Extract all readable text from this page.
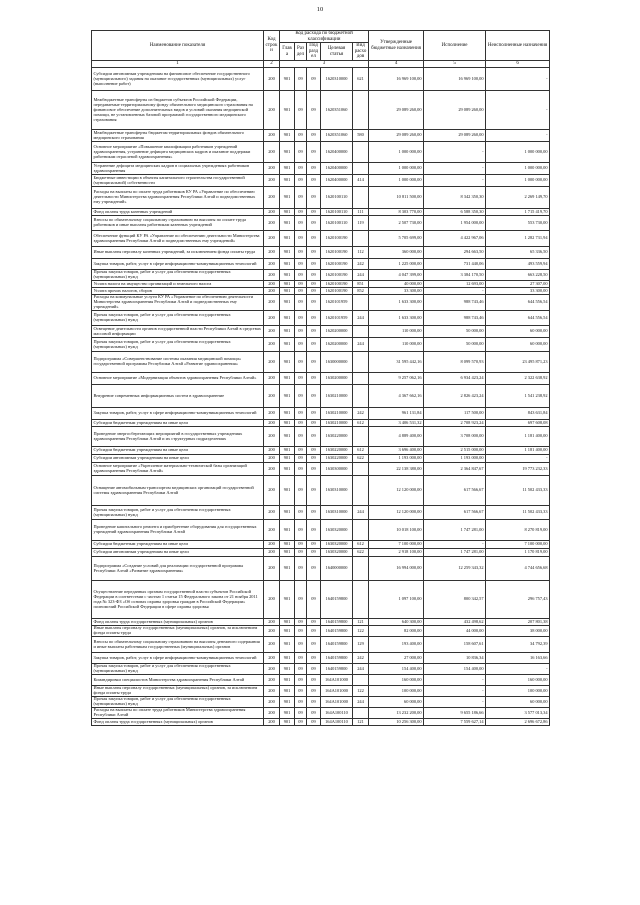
10
Наименование показателя	Код строки	Код расхода по бюджетной классификации					Утвержденные бюджетные назначения	Исполнение	Неисполненные назначения
		Глава	Раздел	Подраздел	Целевая статья	Вид расходов			
1	2	3					4	5	6
Субсидии автономным учреждениям на финансовое обеспечение государственного (муниципального) задания на оказание государственных (муниципальных) услуг (выполнение работ)	200	901	09	09	1620310000	621	16 969 100,00	16 969 100,00	-
Межбюджетные трансферты из бюджетов субъектов Российской Федерации, передаваемые территориальному фонду обязательного медицинского страхования на финансовое обеспечение дополнительных видов и условий оказания медицинской помощи, не установленных базовой программой государственного медицинского страхования	200	901	09	09	1620351060		29 089 260,00	29 089 260,00	-
Межбюджетные трансферты бюджетам территориальных фондов обязательного медицинского страхования	200	901	09	09	1620351060	580	29 089 260,00	29 089 260,00	-
Основное мероприятие «Повышение квалификации работников учреждений здравоохранения, устранение дефицита медицинских кадров и оказание поддержки работникам отраслевой здравоохранения»	200	901	09	09	1620400000		1 000 000,00	-	1 000 000,00
Устранение дефицита медицинских кадров в социальных учреждениях работников здравоохранения	200	901	09	09	1620400000		1 000 000,00	-	1 000 000,00
Бюджетные инвестиции в объекты капитального строительства государственной (муниципальной) собственности	200	901	09	09	1620400000	414	1 000 000,00	-	1 000 000,00
Расходы на выплаты по оплате труда работников КУ РА «Управление по обеспечению деятельности Министерства здравоохранения Республики Алтай и подведомственных ему учреждений»	200	901	09	09	1620100110		10 811 500,00	8 342 350,30	2 269 149,70
Фонд оплаты труда казенных учреждений	200	901	09	09	1620100110	111	8 303 770,00	6 588 350,30	1 715 419,70
Взносы по обязательному социальному страхованию на выплаты по оплате труда работников и иные выплаты работникам казенных учреждений	200	901	09	09	1620100110	119	2 507 730,00	1 954 000,00	553 730,00
Обеспечение функций КУ РА «Управление по обеспечению деятельности Министерства здравоохранения Республики Алтай и подведомственных ему учреждений»	200	901	09	09	1620100190		5 705 699,00	4 422 967,06	1 282 731,94
Иные выплаты персоналу казенных учреждений, за исключением фонда оплаты труда	200	901	09	09	1620100190	112	360 000,00	294 663,50	65 336,50
Закупка товаров, работ, услуг в сфере информационно-коммуникационных технологий	200	901	09	09	1620100190	242	1 225 000,00	731 440,06	493 559,94
Прочая закупка товаров, работ и услуг для обеспечения государственных (муниципальных) нужд	200	901	09	09	1620100190	244	4 047 399,00	3 384 170,50	663 228,50
Уплата налога на имущество организаций и земельного налога	200	901	09	09	1620100190	851	40 000,00	12 693,00	27 307,00
Уплата прочих налогов, сборов	200	901	09	09	1620100190	852	33 300,00	-	33 300,00
Расходы на коммунальные услуги КУ РА «Управление по обеспечению деятельности Министерства здравоохранения Республики Алтай и подведомственных ему учреждений»	200	901	09	09	1620101959		1 633 300,00	988 743,46	644 556,54
Прочая закупка товаров, работ и услуг для обеспечения государственных (муниципальных) нужд	200	901	09	09	1620101959	244	1 633 300,00	988 743,46	644 556,54
Освещение деятельности органов государственной власти Республики Алтай в средствах массовой информации	200	901	09	09	1620200000		110 000,00	50 000,00	60 000,00
Прочая закупка товаров, работ и услуг для обеспечения государственных (муниципальных) нужд	200	901	09	09	1620200000	244	110 000,00	50 000,00	60 000,00
Подпрограмма «Совершенствование системы оказания медицинской помощи» государственной программы Республики Алтай «Развитие здравоохранения»	200	901	09	09	1630000000		31 595 442,16	8 099 570,93	23 495 871,23
Основное мероприятие «Модернизация объектов здравоохранения Республики Алтай»	200	901	09	09	1630200000		9 257 062,16	6 934 423,24	2 322 638,92
Внедрение современных информационных систем в здравоохранение	200	901	09	09	1630210000		4 367 662,16	2 826 423,24	1 541 238,92
Закупка товаров, работ, услуг в сфере информационно-коммуникационных технологий	200	901	09	09	1630210000	242	961 131,84	117 500,00	843 631,84
Субсидии бюджетным учреждениям на иные цели	200	901	09	09	1630210000	612	3 406 531,32	2 708 923,24	697 608,08
Проведение энергосберегающих мероприятий в государственных учреждениях здравоохранения Республики Алтай и их структурных подразделениях	200	901	09	09	1630220000		4 889 400,00	3 708 000,00	1 181 400,00
Субсидии бюджетным учреждениям на иные цели	200	901	09	09	1630220000	612	3 696 400,00	2 515 000,00	1 181 400,00
Субсидии автономным учреждениям на иные цели	200	901	09	09	1630220000	622	1 193 000,00	1 193 000,00	-
Основное мероприятие «Укрепление материально-технической базы организаций здравоохранения Республики Алтай»	200	901	09	09	1630300000		22 138 380,00	2 364 847,67	19 773 232,33
Оснащение автомобильным транспортом медицинских организаций государственной системы здравоохранения Республики Алтай	200	901	09	09	1630310000		12 120 000,00	617 566,67	11 502 433,33
Прочая закупка товаров, работ и услуг для обеспечения государственных (муниципальных) нужд	200	901	09	09	1630310000	244	12 120 000,00	617 566,67	11 502 433,33
Проведение капитального ремонта и приобретение оборудования для государственных учреждений здравоохранения Республики Алтай	200	901	09	09	1630320000		10 018 100,00	1 747 281,00	8 270 819,00
Субсидии бюджетным учреждениям на иные цели	200	901	09	09	1630320000	612	7 100 000,00	-	7 100 000,00
Субсидии автономным учреждениям на иные цели	200	901	09	09	1630320000	622	2 918 100,00	1 747 281,00	1 170 819,00
Подпрограмма «Создание условий для реализации государственной программы Республики Алтай «Развитие здравоохранения»	200	901	09	09	1640000000		16 994 000,00	12 259 343,32	4 744 656,68
Осуществление переданных органам государственной власти субъектов Российской Федерации в соответствии с частью 1 статьи 15 Федерального закона от 21 ноября 2011 года № 323-ФЗ «Об основах охраны здоровья граждан в Российской Федерации» полномочий Российской Федерации в сфере охраны здоровья	200	901	09	09	1640159800		1 097 100,00	800 342,57	296 757,43
Фонд оплаты труда государственных (муниципальных) органов	200	901	09	09	1640159800	121	640 300,00	432 498,62	207 801,38
Иные выплаты персоналу государственных (муниципальных) органов, за исключением фонда оплаты труда	200	901	09	09	1640159800	122	82 000,00	44 000,00	38 000,00
Взносы по обязательному социальному страхованию на выплаты денежного содержания и иные выплаты работникам государственных (муниципальных) органов	200	901	09	09	1640159800	129	193 400,00	158 607,61	34 792,39
Закупка товаров, работ, услуг в сфере информационно-коммуникационных технологий	200	901	09	09	1640159800	242	27 000,00	10 836,34	16 163,66
Прочая закупка товаров, работ и услуг для обеспечения государственных (муниципальных) нужд	200	901	09	09	1640159800	244	154 400,00	154 400,00	-
Командировки специалистов Министерства здравоохранения Республики Алтай	200	901	09	09	164А101000		160 000,00	-	160 000,00
Иные выплаты персоналу государственных (муниципальных) органов, за исключением фонда оплаты труда	200	901	09	09	164А101000	122	100 000,00	-	100 000,00
Прочая закупка товаров, работ и услуг для обеспечения государственных (муниципальных) нужд	200	901	09	09	164А101000	244	60 000,00	-	60 000,00
Расходы на выплаты по оплате труда работников Министерства здравоохранения Республики Алтай	200	901	09	09	164А100110		13 232 200,00	9 655 186,66	3 577 013,34
Фонд оплаты труда государственных (муниципальных) органов	200	901	09	09	164А100110	121	10 256 300,00	7 559 627,14	2 696 672,86
